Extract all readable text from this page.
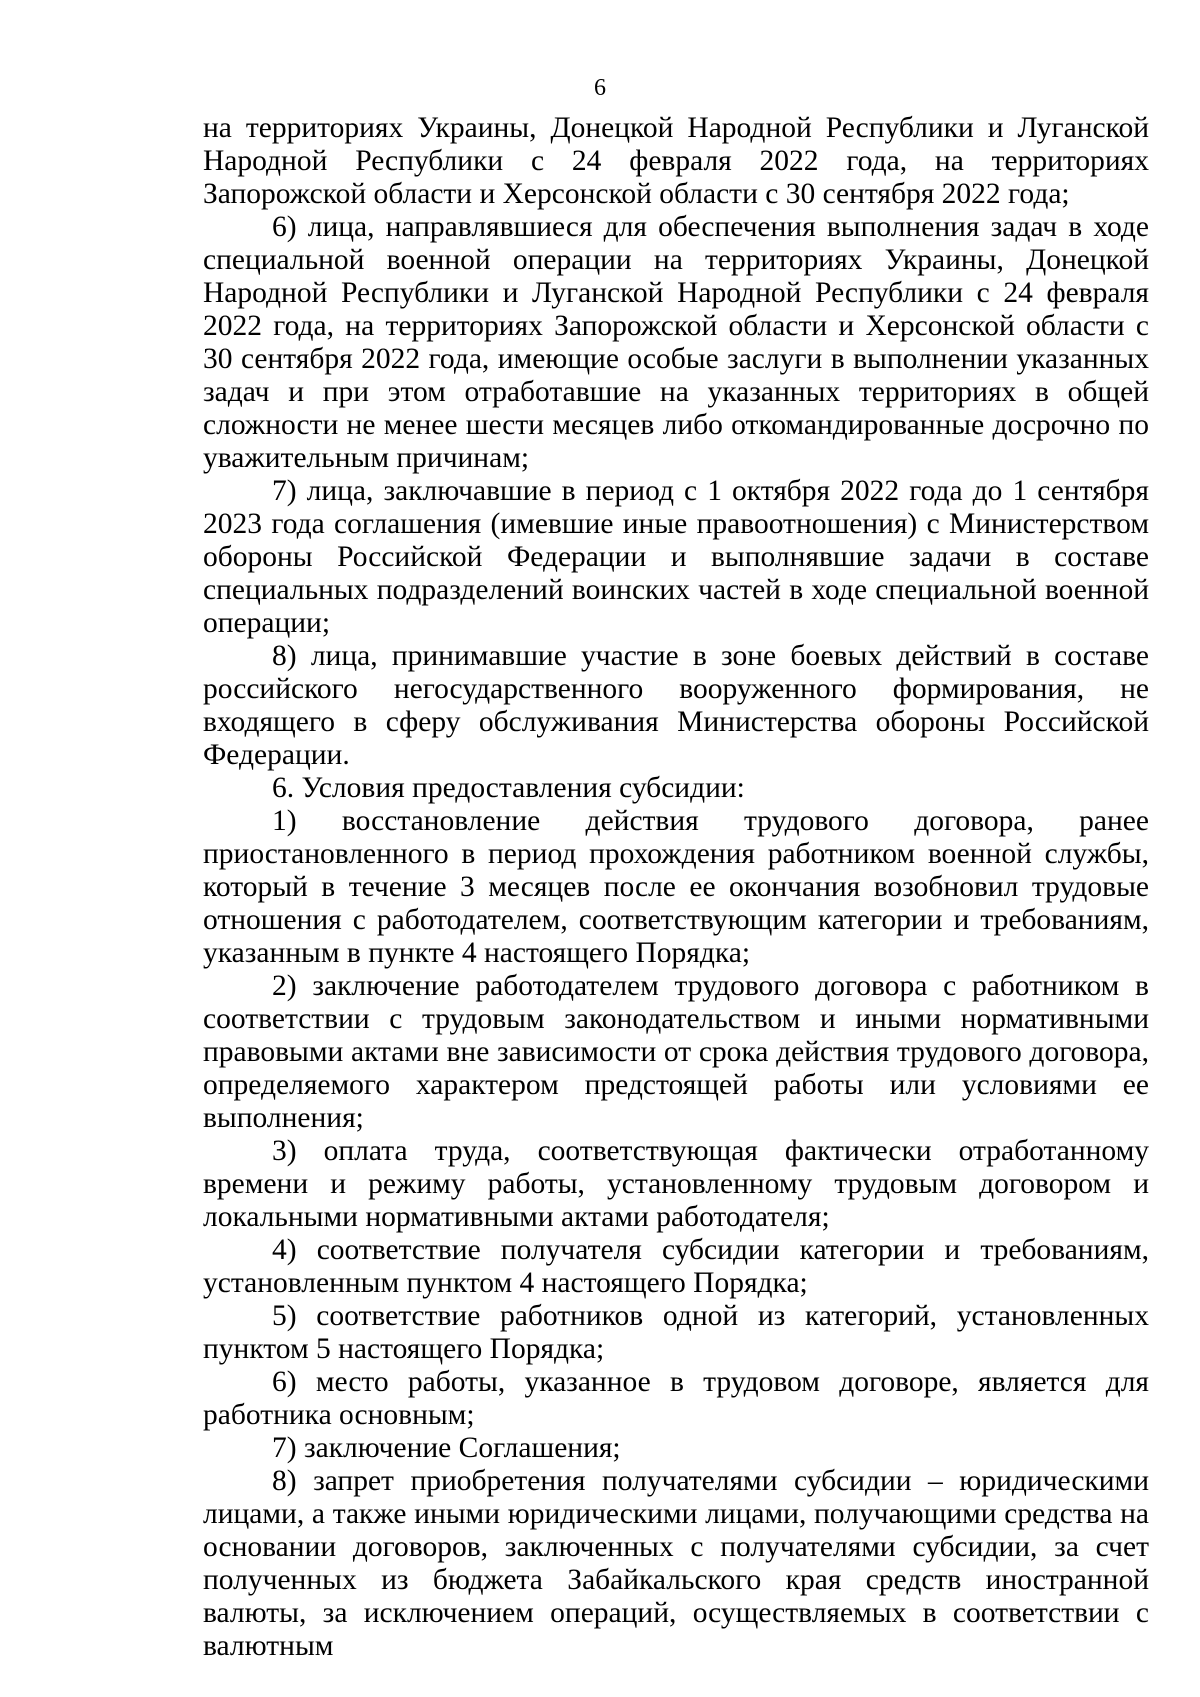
6

на территориях Украины, Донецкой Народной Республики и Луганской Народной Республики с 24 февраля 2022 года, на территориях Запорожской области и Херсонской области с 30 сентября 2022 года;

6) лица, направлявшиеся для обеспечения выполнения задач в ходе специальной военной операции на территориях Украины, Донецкой Народной Республики и Луганской Народной Республики с 24 февраля 2022 года, на территориях Запорожской области и Херсонской области с 30 сентября 2022 года, имеющие особые заслуги в выполнении указанных задач и при этом отработавшие на указанных территориях в общей сложности не менее шести месяцев либо откомандированные досрочно по уважительным причинам;

7) лица, заключавшие в период с 1 октября 2022 года до 1 сентября 2023 года соглашения (имевшие иные правоотношения) с Министерством обороны Российской Федерации и выполнявшие задачи в составе специальных подразделений воинских частей в ходе специальной военной операции;

8) лица, принимавшие участие в зоне боевых действий в составе российского негосударственного вооруженного формирования, не входящего в сферу обслуживания Министерства обороны Российской Федерации.

6. Условия предоставления субсидии:

1) восстановление действия трудового договора, ранее приостановленного в период прохождения работником военной службы, который в течение 3 месяцев после ее окончания возобновил трудовые отношения с работодателем, соответствующим категории и требованиям, указанным в пункте 4 настоящего Порядка;

2) заключение работодателем трудового договора с работником в соответствии с трудовым законодательством и иными нормативными правовыми актами вне зависимости от срока действия трудового договора, определяемого характером предстоящей работы или условиями ее выполнения;

3) оплата труда, соответствующая фактически отработанному времени и режиму работы, установленному трудовым договором и локальными нормативными актами работодателя;

4) соответствие получателя субсидии категории и требованиям, установленным пунктом 4 настоящего Порядка;

5) соответствие работников одной из категорий, установленных пунктом 5 настоящего Порядка;

6) место работы, указанное в трудовом договоре, является для работника основным;

7) заключение Соглашения;

8) запрет приобретения получателями субсидии – юридическими лицами, а также иными юридическими лицами, получающими средства на основании договоров, заключенных с получателями субсидии, за счет полученных из бюджета Забайкальского края средств иностранной валюты, за исключением операций, осуществляемых в соответствии с валютным
